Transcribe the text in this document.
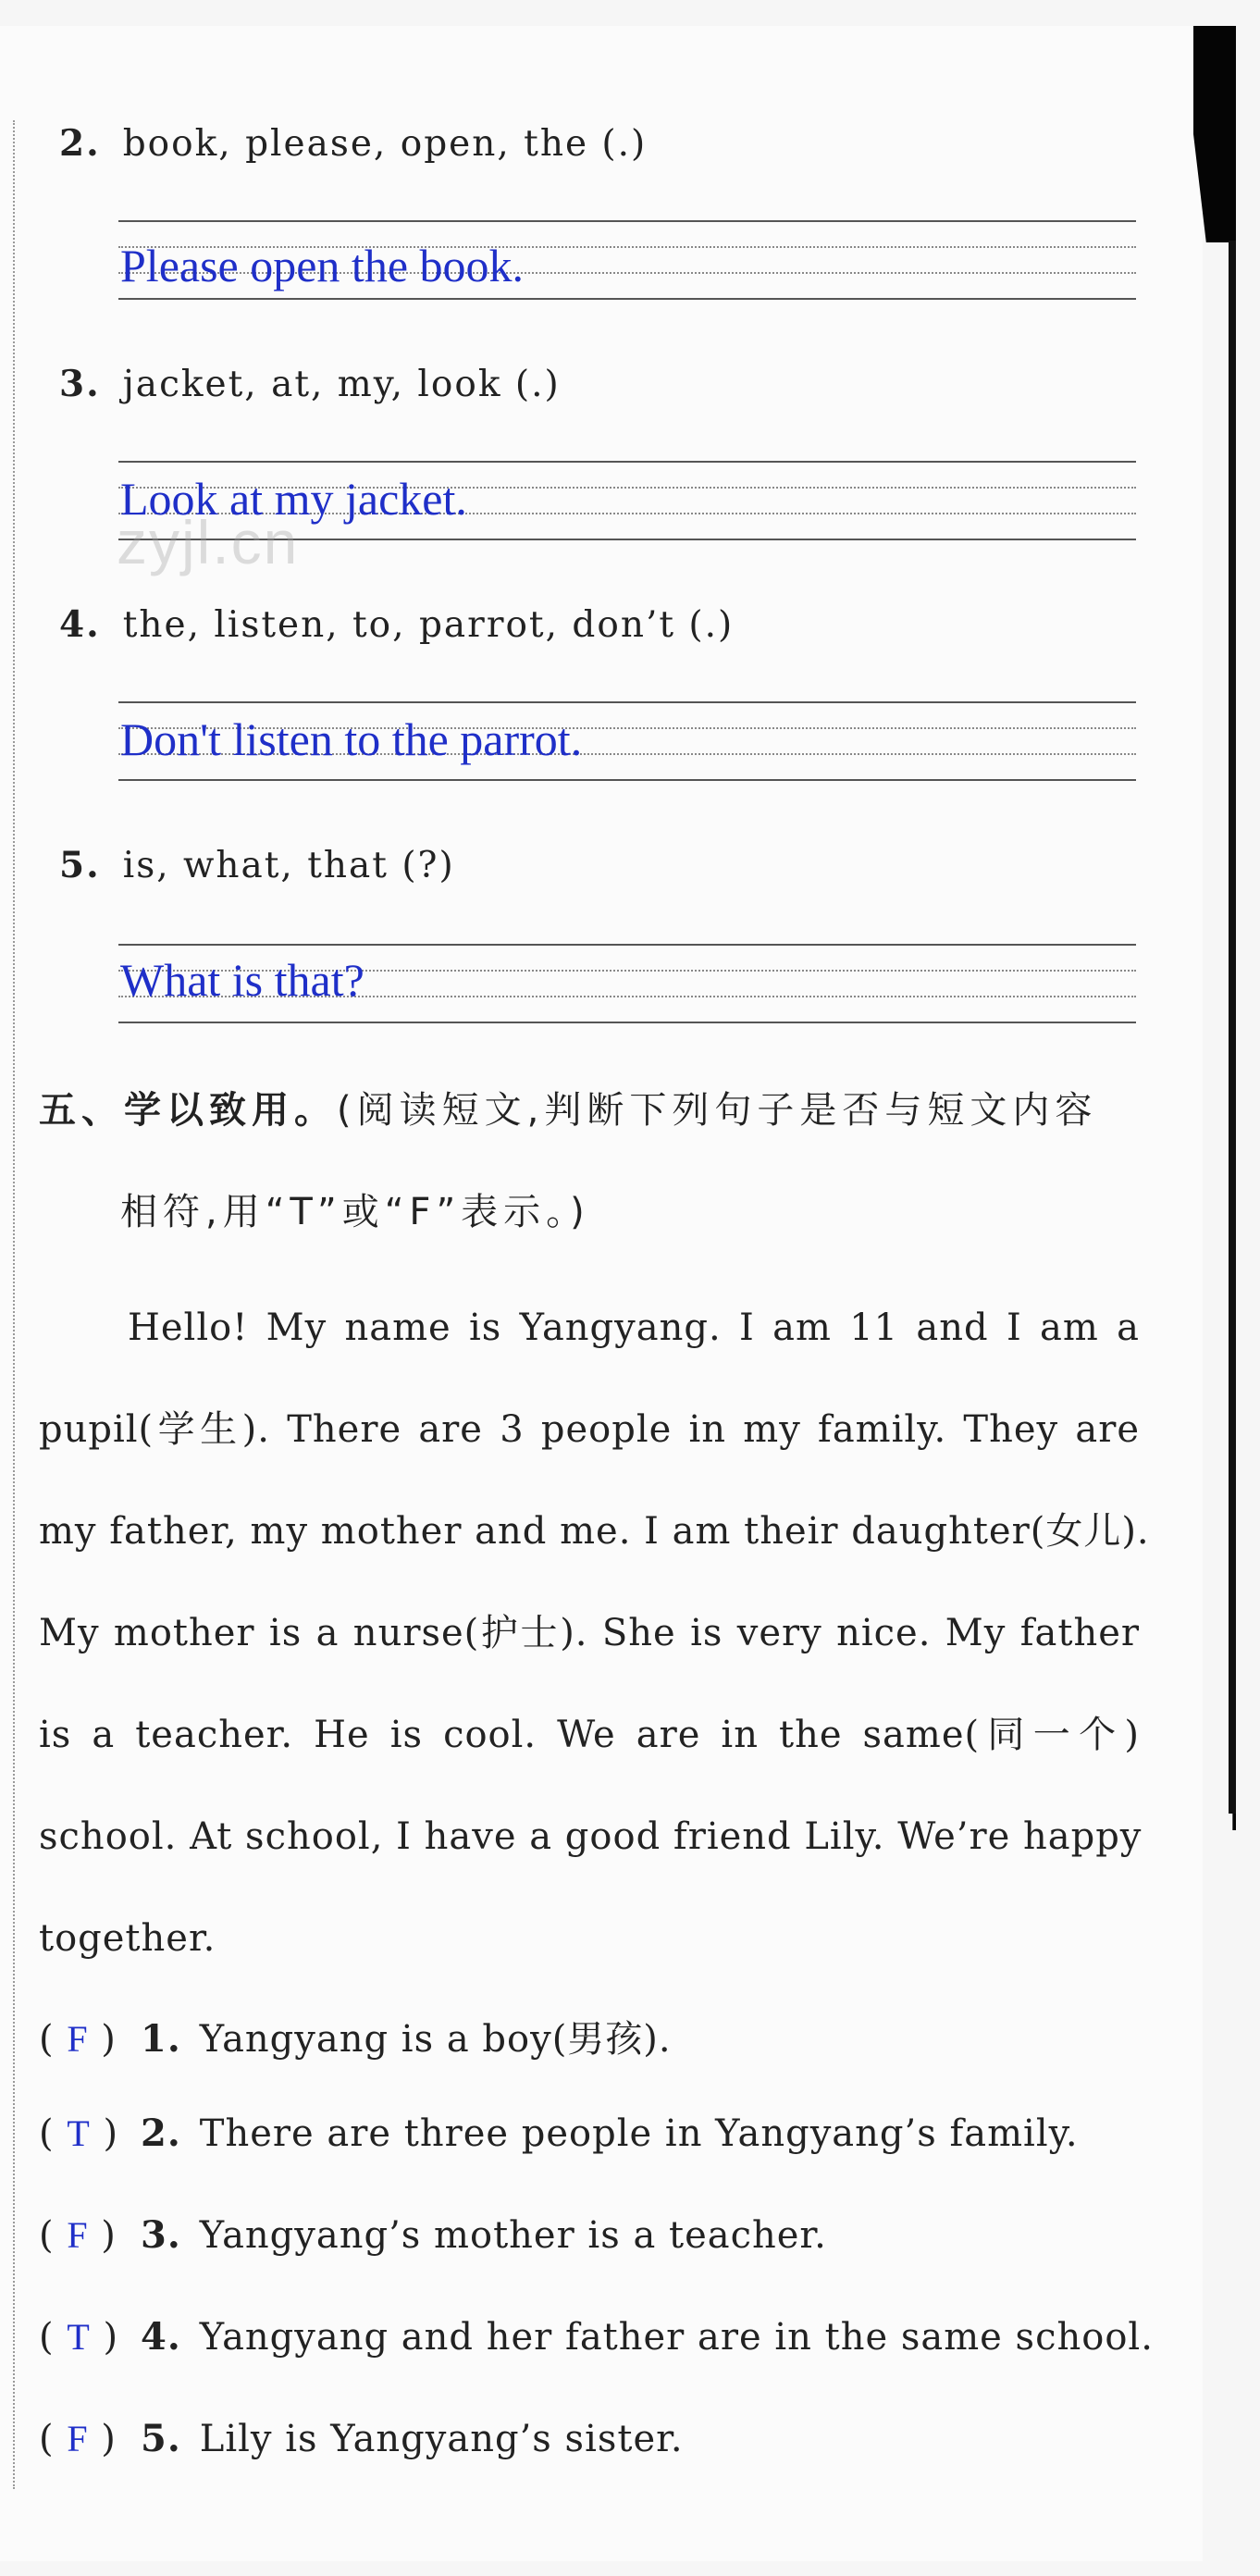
2. book, please, open, the (.)
Please open the book.
3. jacket, at, my, look (.)
Look at my jacket.
zyjl.cn
4. the, listen, to, parrot, don’t (.)
Don't listen to the parrot.
5. is, what, that (?)
What is that?
五、学以致用。(阅读短文,判断下列句子是否与短文内容
相符,用“T”或“F”表示。)
Hello! My name is Yangyang. I am 11 and I am a
pupil(学生). There are 3 people in my family. They are
my father, my mother and me. I am their daughter(女儿).
My mother is a nurse(护士). She is very nice. My father
is a teacher. He is cool. We are in the same(同一个)
school. At school, I have a good friend Lily. We’re happy
together.
( F ) 1. Yangyang is a boy(男孩).
( T ) 2. There are three people in Yangyang’s family.
( F ) 3. Yangyang’s mother is a teacher.
( T ) 4. Yangyang and her father are in the same school.
( F ) 5. Lily is Yangyang’s sister.
